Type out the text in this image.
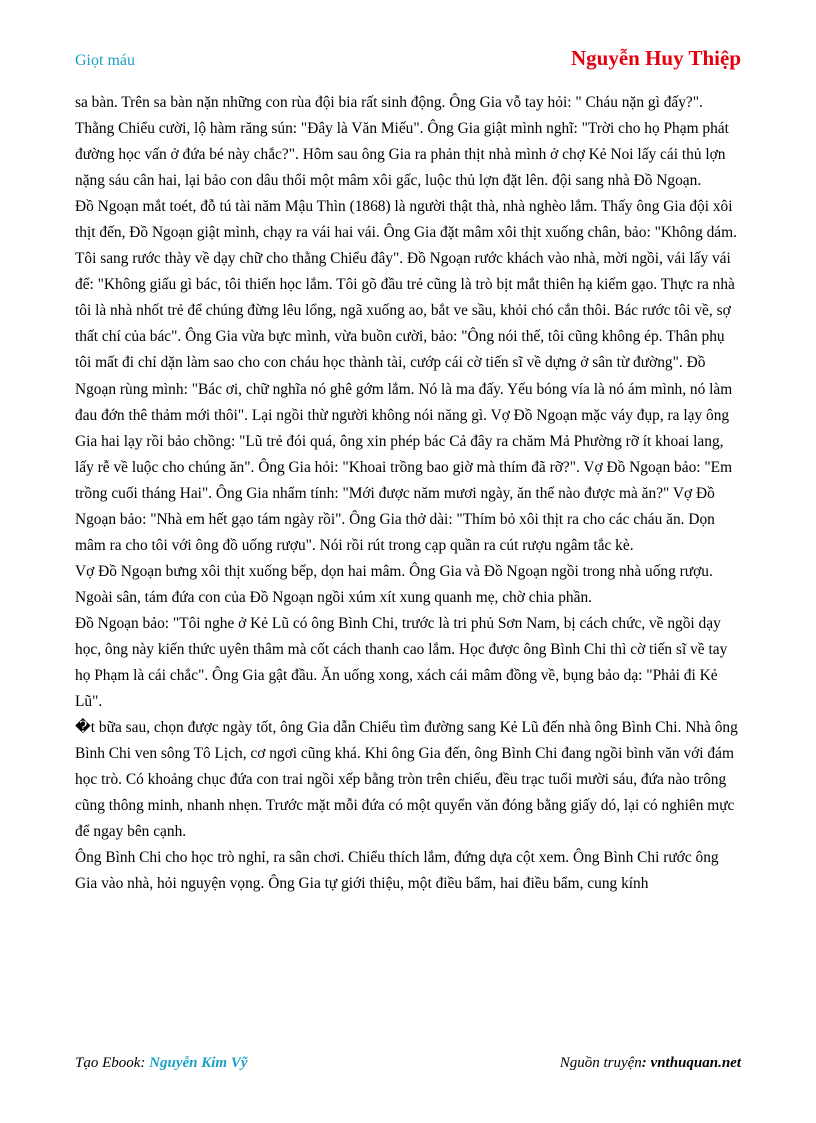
Giọt máu	Nguyễn Huy Thiệp

sa bàn. Trên sa bàn nặn những con rùa đội bia rất sinh động. Ông Gia vỗ tay hỏi: " Cháu nặn gì đấy?". Thằng Chiểu cười, lộ hàm răng sún: "Đây là Văn Miếu". Ông Gia giật mình nghĩ: "Trời cho họ Phạm phát đường học vấn ở đứa bé này chắc?". Hôm sau ông Gia ra phản thịt nhà mình ở chợ Kẻ Noi lấy cái thủ lợn nặng sáu cân hai, lại bảo con dâu thổi một mâm xôi gấc, luộc thủ lợn đặt lên. đội sang nhà Đồ Ngoạn.

Đồ Ngoạn mắt toét, đỗ tú tài năm Mậu Thìn (1868) là người thật thà, nhà nghèo lắm. Thấy ông Gia đội xôi thịt đến, Đồ Ngoạn giật mình, chạy ra vái hai vái. Ông Gia đặt mâm xôi thịt xuống chân, bảo: "Không dám. Tôi sang rước thày về dạy chữ cho thằng Chiểu đây". Đồ Ngoạn rước khách vào nhà, mời ngồi, vái lấy vái để: "Không giấu gì bác, tôi thiển học lắm. Tôi gõ đầu trẻ cũng là trò bịt mắt thiên hạ kiếm gạo. Thực ra nhà tôi là nhà nhốt trẻ để chúng đừng lêu lổng, ngã xuống ao, bắt ve sầu, khỏi chó cắn thôi. Bác rước tôi về, sợ thất chí của bác". Ông Gia vừa bực mình, vừa buồn cười, bảo: "Ông nói thế, tôi cũng không ép. Thân phụ tôi mất đi chỉ dặn làm sao cho con cháu học thành tài, cướp cái cờ tiến sĩ về dựng ở sân từ đường". Đồ Ngoạn rùng mình: "Bác ơi, chữ nghĩa nó ghê gớm lắm. Nó là ma đấy. Yếu bóng vía là nó ám mình, nó làm đau đớn thê thảm mới thôi". Lại ngồi thừ người không nói năng gì. Vợ Đồ Ngoạn mặc váy đụp, ra lạy ông Gia hai lạy rồi bảo chồng: "Lũ trẻ đói quá, ông xin phép bác Cả đây ra chăm Mả Phường rỡ ít khoai lang, lấy rễ về luộc cho chúng ăn". Ông Gia hỏi: "Khoai trồng bao giờ mà thím đã rỡ?". Vợ Đồ Ngoạn bảo: "Em trồng cuối tháng Hai". Ông Gia nhẩm tính: "Mới được năm mươi ngày, ăn thế nào được mà ăn?" Vợ Đồ Ngoạn bảo: "Nhà em hết gạo tám ngày rồi". Ông Gia thở dài: "Thím bỏ xôi thịt ra cho các cháu ăn. Dọn mâm ra cho tôi với ông đồ uống rượu". Nói rồi rút trong cạp quần ra cút rượu ngâm tắc kè.

Vợ Đồ Ngoạn bưng xôi thịt xuống bếp, dọn hai mâm. Ông Gia và Đồ Ngoạn ngồi trong nhà uống rượu. Ngoài sân, tám đứa con của Đồ Ngoạn ngồi xúm xít xung quanh mẹ, chờ chia phần.

Đồ Ngoạn bảo: "Tôi nghe ở Kẻ Lũ có ông Bình Chi, trước là tri phủ Sơn Nam, bị cách chức, về ngồi dạy học, ông này kiến thức uyên thâm mà cốt cách thanh cao lắm. Học được ông Bình Chi thì cờ tiến sĩ về tay họ Phạm là cái chắc". Ông Gia gật đầu. Ăn uống xong, xách cái mâm đồng về, bụng bảo dạ: "Phải đi Kẻ Lũ".

�t bữa sau, chọn được ngày tốt, ông Gia dẫn Chiểu tìm đường sang Kẻ Lũ đến nhà ông Bình Chi. Nhà ông Bình Chi ven sông Tô Lịch, cơ ngơi cũng khá. Khi ông Gia đến, ông Bình Chi đang ngồi bình văn với đám học trò. Có khoảng chục đứa con trai ngồi xếp bằng tròn trên chiếu, đều trạc tuổi mười sáu, đứa nào trông cũng thông minh, nhanh nhẹn. Trước mặt mỗi đứa có một quyển văn đóng bằng giấy dó, lại có nghiên mực để ngay bên cạnh.

Ông Bình Chi cho học trò nghỉ, ra sân chơi. Chiểu thích lắm, đứng dựa cột xem. Ông Bình Chi rước ông Gia vào nhà, hỏi nguyện vọng. Ông Gia tự giới thiệu, một điều bẩm, hai điều bẩm, cung kính

Tạo Ebook: Nguyễn Kim Vỹ	Nguồn truyện: vnthuquan.net
